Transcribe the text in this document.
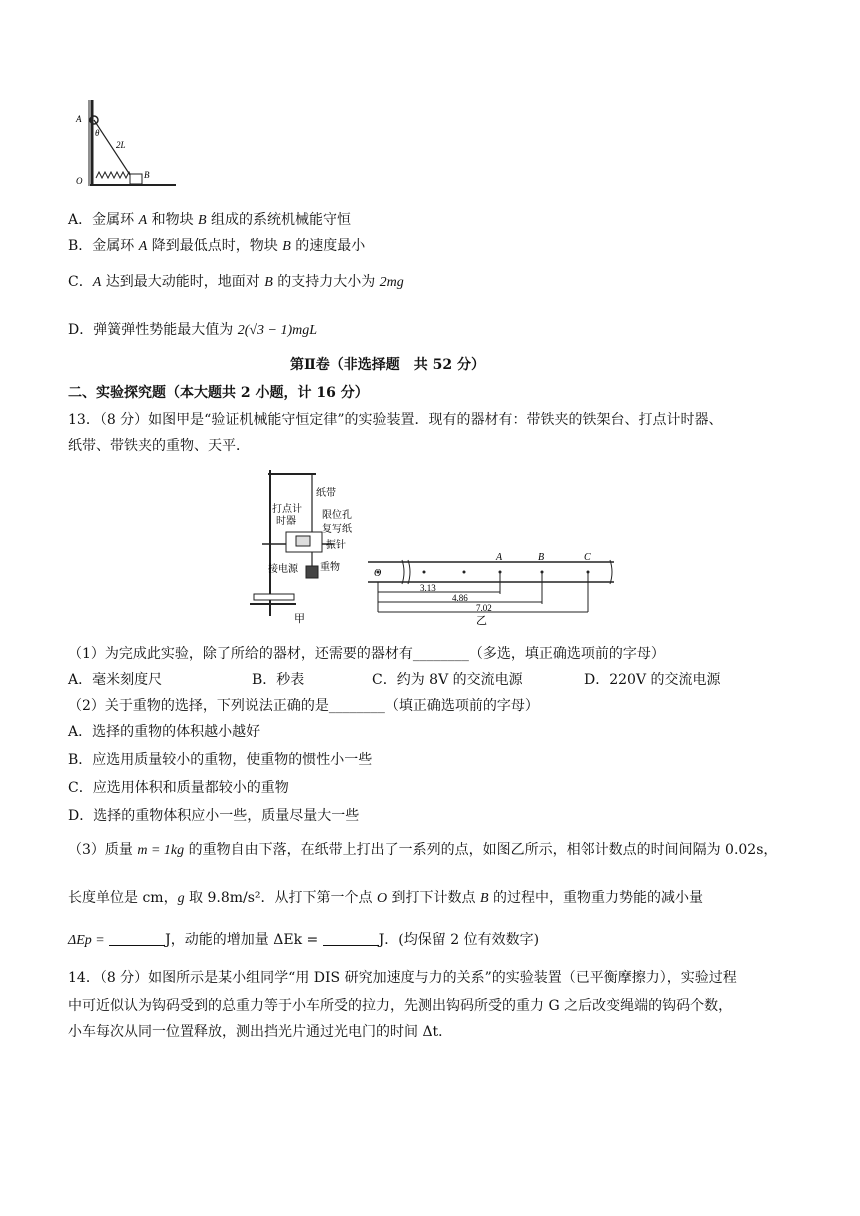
A
θ
2L
O
B
A．金属环 A 和物块 B 组成的系统机械能守恒
B．金属环 A 降到最低点时，物块 B 的速度最小
C．A 达到最大动能时，地面对 B 的支持力大小为 2mg
D．弹簧弹性势能最大值为 2(√3 − 1)mgL
第Ⅱ卷（非选择题　共 52 分）
二、实验探究题（本大题共 2 小题，计 16 分）
13．（8 分）如图甲是“验证机械能守恒定律”的实验装置．现有的器材有：带铁夹的铁架台、打点计时器、
纸带、带铁夹的重物、天平．
纸带
打点计
时器
限位孔
复写纸
振针
接电源 重物
甲
O
A	B	C
3.13
4.86
7.02
乙
（1）为完成此实验，除了所给的器材，还需要的器材有________（多选，填正确选项前的字母）
A．毫米刻度尺	B．秒表	C．约为 8V 的交流电源	D．220V 的交流电源
（2）关于重物的选择，下列说法正确的是________（填正确选项前的字母）
A．选择的重物的体积越小越好
B．应选用质量较小的重物，使重物的惯性小一些
C．应选用体积和质量都较小的重物
D．选择的重物体积应小一些，质量尽量大一些
（3）质量 m = 1kg 的重物自由下落，在纸带上打出了一系列的点，如图乙所示，相邻计数点的时间间隔为 0.02s，
长度单位是 cm，g 取 9.8m/s²．从打下第一个点 O 到打下计数点 B 的过程中，重物重力势能的减小量
ΔEp =	J，动能的增加量 ΔEk =	J．(均保留 2 位有效数字)
14．（8 分）如图所示是某小组同学“用 DIS 研究加速度与力的关系”的实验装置（已平衡摩擦力），实验过程
中可近似认为钩码受到的总重力等于小车所受的拉力，先测出钩码所受的重力 G 之后改变绳端的钩码个数，
小车每次从同一位置释放，测出挡光片通过光电门的时间 Δt．
